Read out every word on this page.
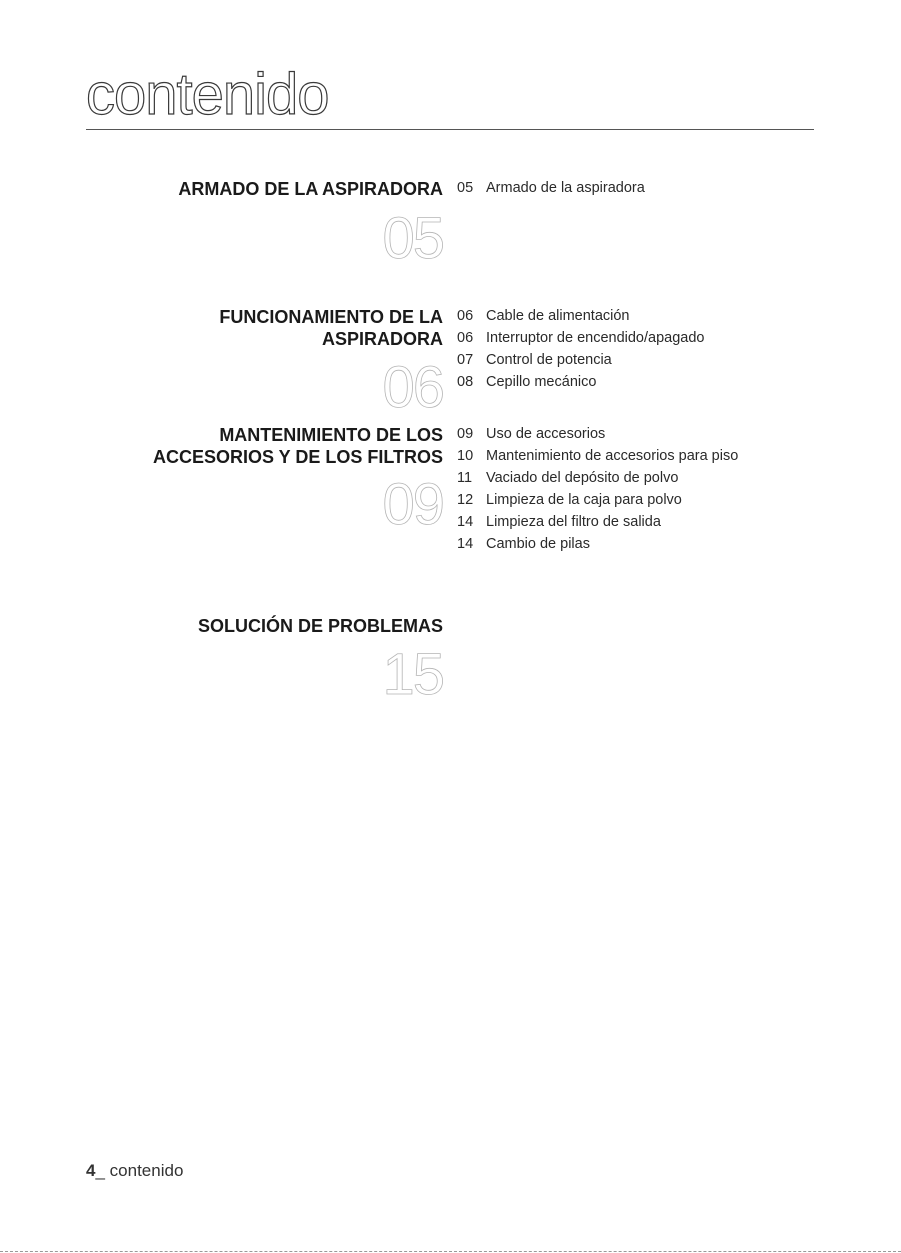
contenido
ARMADO DE LA ASPIRADORA
05
05 Armado de la aspiradora
FUNCIONAMIENTO DE LA
ASPIRADORA
06
06 Cable de alimentación
06 Interruptor de encendido/apagado
07 Control de potencia
08 Cepillo mecánico
MANTENIMIENTO DE LOS
ACCESORIOS Y DE LOS FILTROS
09
09 Uso de accesorios
10 Mantenimiento de accesorios para piso
11 Vaciado del depósito de polvo
12 Limpieza de la caja para polvo
14 Limpieza del filtro de salida
14 Cambio de pilas
SOLUCIÓN DE PROBLEMAS
15
4_ contenido
